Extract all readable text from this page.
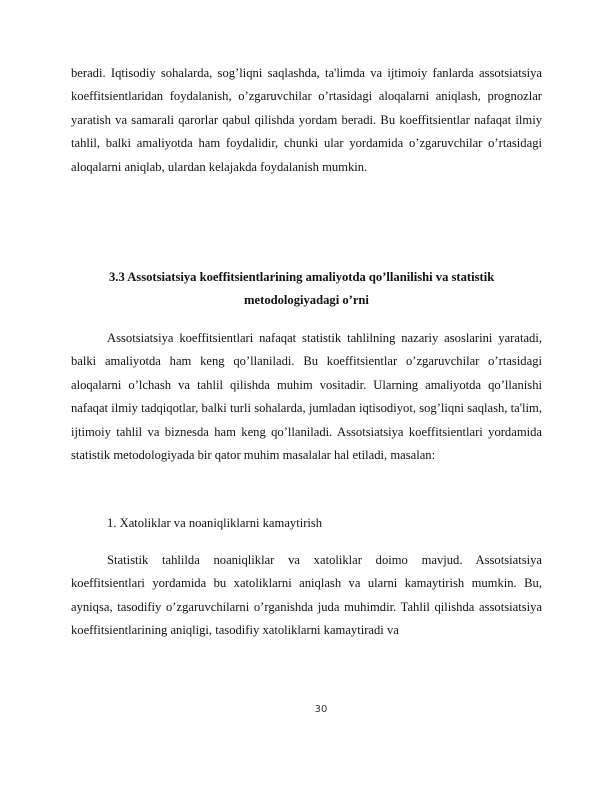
beradi. Iqtisodiy sohalarda, sog’liqni saqlashda, ta'limda va ijtimoiy fanlarda assotsiatsiya koeffitsientlaridan foydalanish, o’zgaruvchilar o’rtasidagi aloqalarni aniqlash, prognozlar yaratish va samarali qarorlar qabul qilishda yordam beradi. Bu koeffitsientlar nafaqat ilmiy tahlil, balki amaliyotda ham foydalidir, chunki ular yordamida o’zgaruvchilar o’rtasidagi aloqalarni aniqlab, ulardan kelajakda foydalanish mumkin.

3.3 Assotsiatsiya koeffitsientlarining amaliyotda qo’llanilishi va statistik
metodologiyadagi o’rni

Assotsiatsiya koeffitsientlari nafaqat statistik tahlilning nazariy asoslarini yaratadi, balki amaliyotda ham keng qo’llaniladi. Bu koeffitsientlar o’zgaruvchilar o’rtasidagi aloqalarni o’lchash va tahlil qilishda muhim vositadir. Ularning amaliyotda qo’llanishi nafaqat ilmiy tadqiqotlar, balki turli sohalarda, jumladan iqtisodiyot, sog’liqni saqlash, ta'lim, ijtimoiy tahlil va biznesda ham keng qo’llaniladi. Assotsiatsiya koeffitsientlari yordamida statistik metodologiyada bir qator muhim masalalar hal etiladi, masalan:

1. Xatoliklar va noaniqliklarni kamaytirish

Statistik tahlilda noaniqliklar va xatoliklar doimo mavjud. Assotsiatsiya koeffitsientlari yordamida bu xatoliklarni aniqlash va ularni kamaytirish mumkin. Bu, ayniqsa, tasodifiy o’zgaruvchilarni o’rganishda juda muhimdir. Tahlil qilishda assotsiatsiya koeffitsientlarining aniqligi, tasodifiy xatoliklarni kamaytiradi va

30
